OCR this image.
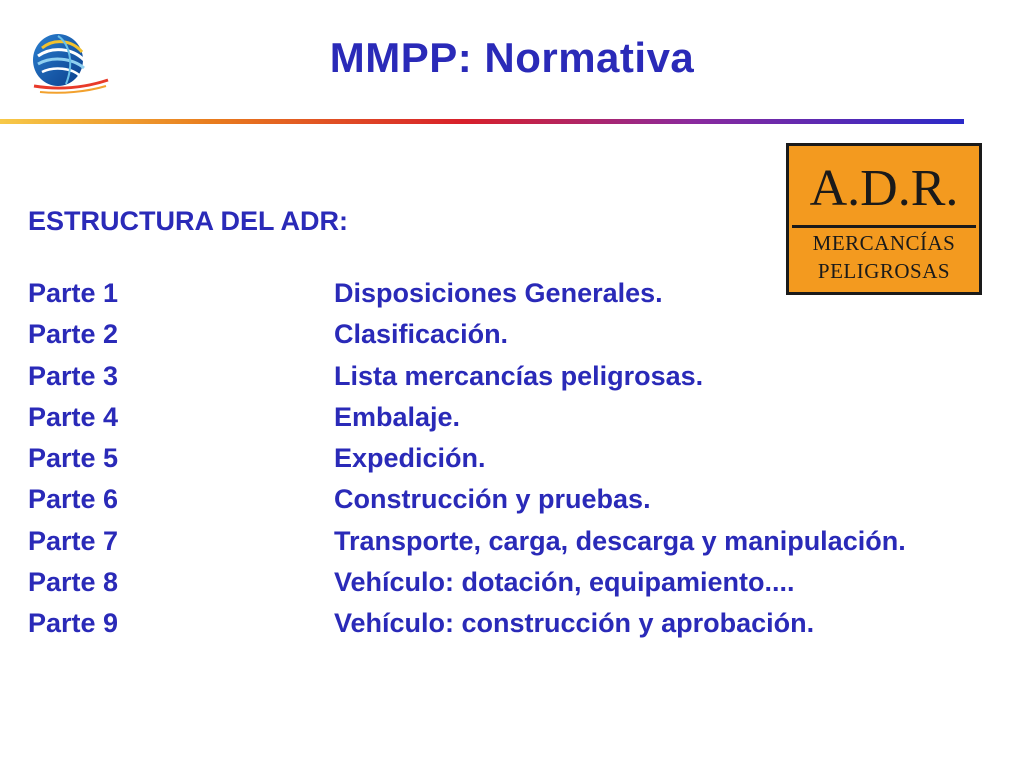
MMPP: Normativa
A.D.R.
MERCANCÍAS
PELIGROSAS
ESTRUCTURA DEL ADR:
Parte 1	Disposiciones Generales.
Parte 2	Clasificación.
Parte 3	Lista mercancías peligrosas.
Parte 4	Embalaje.
Parte 5	Expedición.
Parte 6	Construcción y pruebas.
Parte 7	Transporte, carga, descarga y manipulación.
Parte 8	Vehículo: dotación, equipamiento....
Parte 9	Vehículo: construcción y aprobación.
